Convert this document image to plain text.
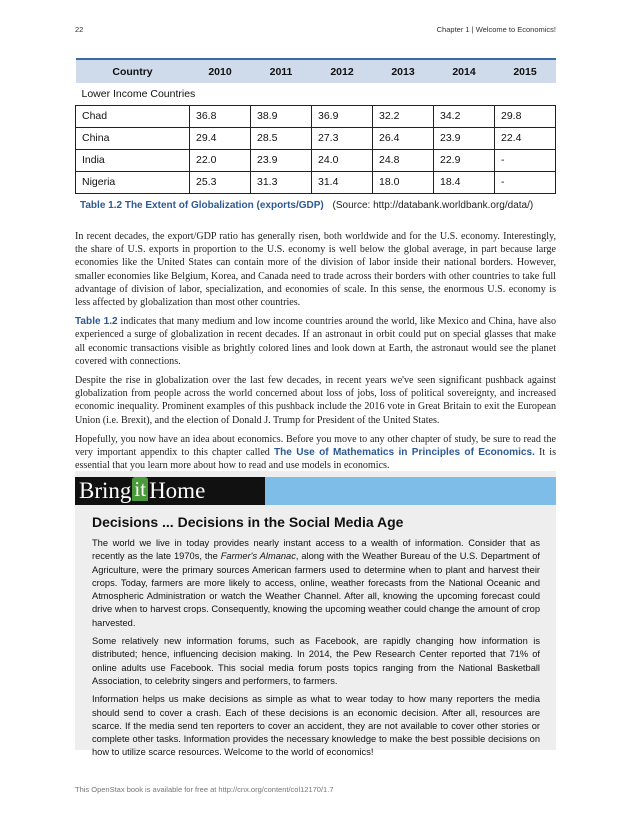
22	Chapter 1 | Welcome to Economics!
Country	2010	2011	2012	2013	2014	2015
Lower Income Countries						
Chad	36.8	38.9	36.9	32.2	34.2	29.8
China	29.4	28.5	27.3	26.4	23.9	22.4
India	22.0	23.9	24.0	24.8	22.9	-
Nigeria	25.3	31.3	31.4	18.0	18.4	-
Table 1.2 The Extent of Globalization (exports/GDP) (Source: http://databank.worldbank.org/data/)

In recent decades, the export/GDP ratio has generally risen, both worldwide and for the U.S. economy. Interestingly, the share of U.S. exports in proportion to the U.S. economy is well below the global average, in part because large economies like the United States can contain more of the division of labor inside their national borders. However, smaller economies like Belgium, Korea, and Canada need to trade across their borders with other countries to take full advantage of division of labor, specialization, and economies of scale. In this sense, the enormous U.S. economy is less affected by globalization than most other countries.

Table 1.2 indicates that many medium and low income countries around the world, like Mexico and China, have also experienced a surge of globalization in recent decades. If an astronaut in orbit could put on special glasses that make all economic transactions visible as brightly colored lines and look down at Earth, the astronaut would see the planet covered with connections.

Despite the rise in globalization over the last few decades, in recent years we've seen significant pushback against globalization from people across the world concerned about loss of jobs, loss of political sovereignty, and increased economic inequality. Prominent examples of this pushback include the 2016 vote in Great Britain to exit the European Union (i.e. Brexit), and the election of Donald J. Trump for President of the United States.

Hopefully, you now have an idea about economics. Before you move to any other chapter of study, be sure to read the very important appendix to this chapter called The Use of Mathematics in Principles of Economics. It is essential that you learn more about how to read and use models in economics.

Bring it Home
Decisions ... Decisions in the Social Media Age

The world we live in today provides nearly instant access to a wealth of information. Consider that as recently as the late 1970s, the Farmer's Almanac, along with the Weather Bureau of the U.S. Department of Agriculture, were the primary sources American farmers used to determine when to plant and harvest their crops. Today, farmers are more likely to access, online, weather forecasts from the National Oceanic and Atmospheric Administration or watch the Weather Channel. After all, knowing the upcoming forecast could drive when to harvest crops. Consequently, knowing the upcoming weather could change the amount of crop harvested.

Some relatively new information forums, such as Facebook, are rapidly changing how information is distributed; hence, influencing decision making. In 2014, the Pew Research Center reported that 71% of online adults use Facebook. This social media forum posts topics ranging from the National Basketball Association, to celebrity singers and performers, to farmers.

Information helps us make decisions as simple as what to wear today to how many reporters the media should send to cover a crash. Each of these decisions is an economic decision. After all, resources are scarce. If the media send ten reporters to cover an accident, they are not available to cover other stories or complete other tasks. Information provides the necessary knowledge to make the best possible decisions on how to utilize scarce resources. Welcome to the world of economics!

This OpenStax book is available for free at http://cnx.org/content/col12170/1.7
